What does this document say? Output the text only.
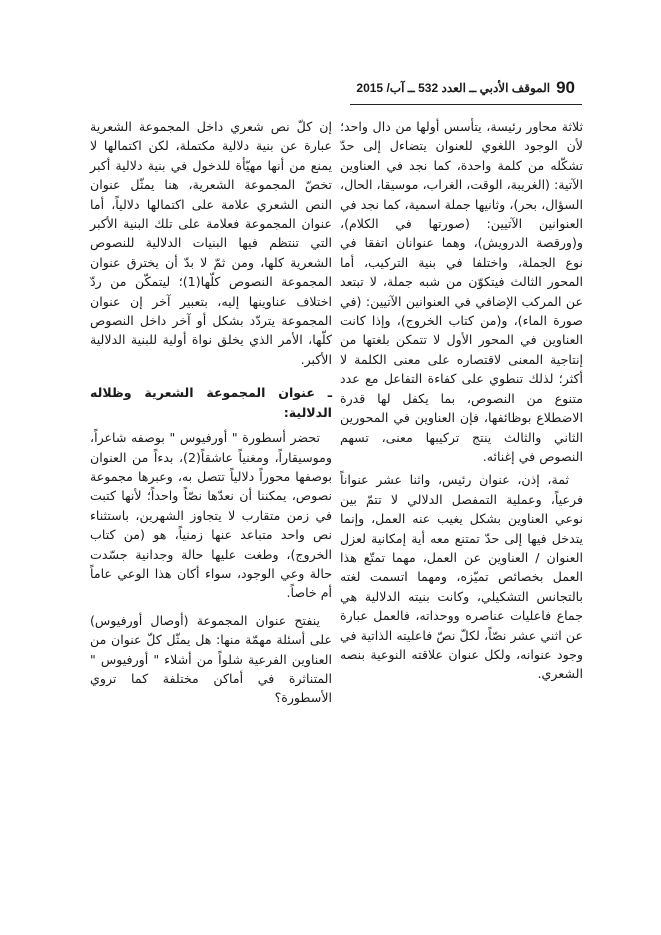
90
الموقف الأدبي ــ العدد 532 ــ آب/ 2015

ثلاثة محاور رئيسة، يتأسس أولها من دال واحد؛ لأن الوجود اللغوي للعنوان يتضاءل إلى حدّ تشكّله من كلمة واحدة، كما نجد في العناوين الآتية: (الغريبة، الوقت، الغراب، موسيقا، الحال، السؤال، بحر)، وثانيها جملة اسمية، كما نجد في العنوانين الآتيين: (صورتها في الكلام)، و(ورقصة الدرويش)، وهما عنوانان اتفقا في نوع الجملة، واختلفا في بنية التركيب، أما المحور الثالث فيتكوّن من شبه جملة، لا تبتعد عن المركب الإضافي في العنوانين الآتيين: (في صورة الماء)، و(من كتاب الخروج)، وإذا كانت العناوين في المحور الأول لا تتمكن بلغتها من إنتاجية المعنى لاقتصاره على معنى الكلمة لا أكثر؛ لذلك تنطوي على كفاءة التفاعل مع عدد متنوع من النصوص، بما يكفل لها قدرة الاضطلاع بوظائفها، فإن العناوين في المحورين الثاني والثالث ينتج تركيبها معنى، تسهم النصوص في إغنائه.

ثمة، إذن، عنوان رئيس، واثنا عشر عنواناً فرعياً، وعملية التمفصل الدلالي لا تتمّ بين نوعي العناوين بشكل يغيب عنه العمل، وإنما يتدخل فيها إلى حدّ تمتنع معه أية إمكانية لعزل العنوان / العناوين عن العمل، مهما تمتّع هذا العمل بخصائص تميّزه، ومهما اتسمت لغته بالتجانس التشكيلي، وكانت بنيته الدلالية هي جماع فاعليات عناصره ووحداته، فالعمل عبارة عن اثني عشر نصّاً، لكلّ نصّ فاعليته الذاتية في وجود عنوانه، ولكل عنوان علاقته النوعية بنصه الشعري.

إن كلّ نص شعري داخل المجموعة الشعرية عبارة عن بنية دلالية مكتملة، لكن اكتمالها لا يمنع من أنها مهيّأة للدخول في بنية دلالية أكبر تخصّ المجموعة الشعرية، هنا يمثّل عنوان النص الشعري علامة على اكتمالها دلالياً، أما عنوان المجموعة فعلامة على تلك البنية الأكبر التي تنتظم فيها البنيات الدلالية للنصوص الشعرية كلها، ومن ثمّ لا بدّ أن يخترق عنوان المجموعة النصوص كلّها(1)؛ ليتمكّن من ردّ اختلاف عناوينها إليه، بتعبير آخر إن عنوان المجموعة يتردّد بشكل أو آخر داخل النصوص كلّها، الأمر الذي يخلق نواة أولية للبنية الدلالية الأكبر.

ـ عنوان المجموعة الشعرية وظلاله الدلالية:

تحضر أسطورة " أورفيوس " بوصفه شاعراً، وموسيقاراً، ومغنياً عاشقاً(2)، بدءاً من العنوان بوصفها محوراً دلالياً تتصل به، وعبرها مجموعة نصوص، يمكننا أن نعدّها نصّاً واحداً؛ لأنها كتبت في زمن متقارب لا يتجاوز الشهرين، باستثناء نص واحد متباعد عنها زمنياً، هو (من كتاب الخروج)، وطغت عليها حالة وجدانية جسّدت حالة وعي الوجود، سواء أكان هذا الوعي عاماً أم خاصاً.

ينفتح عنوان المجموعة (أوصال أورفيوس) على أسئلة مهمّة منها: هل يمثّل كلّ عنوان من العناوين الفرعية شلواً من أشلاء " أورفيوس " المتناثرة في أماكن مختلفة كما تروي الأسطورة؟
